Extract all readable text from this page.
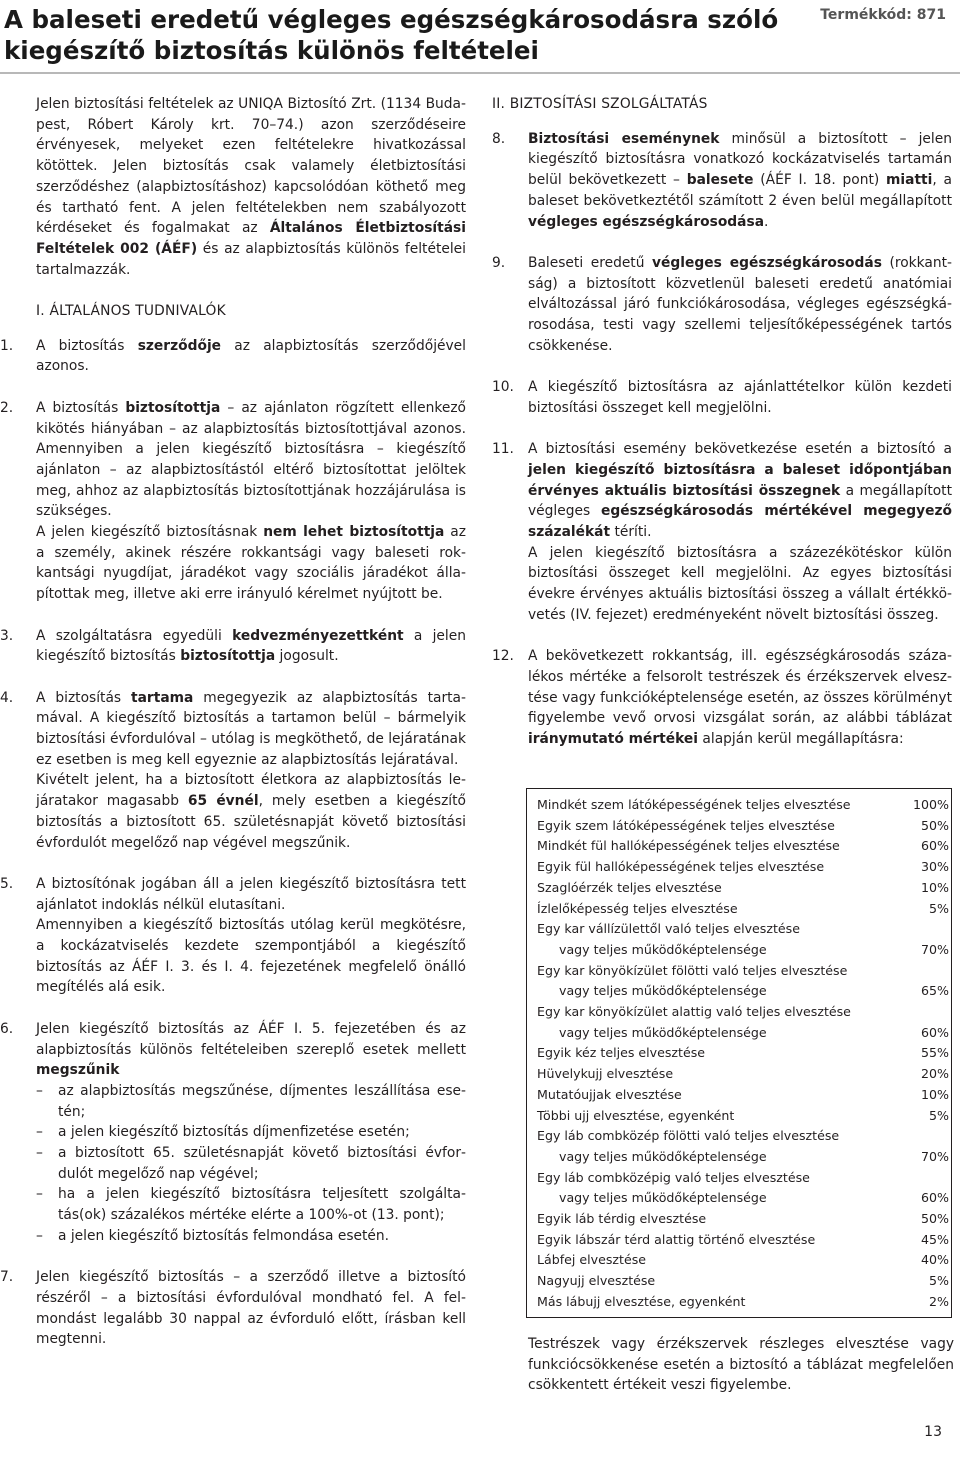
A baleseti eredetű végleges egészségkárosodásra szóló
kiegészítő biztosítás különös feltételei
Termékkód: 871

Jelen biztosítási feltételek az UNIQA Biztosító Zrt. (1134 Budapest, Róbert Károly krt. 70–74.) azon szerződéseire érvényesek, melyeket ezen feltételekre hivatkozással kötöttek. Jelen biztosítás csak valamely életbiztosítási szerződéshez (alapbiztosításhoz) kapcsolódóan köthető meg és tartható fent. A jelen feltételekben nem szabályozott kérdéseket és fogalmakat az Általános Életbiztosítási Feltételek 002 (ÁÉF) és az alapbiztosítás különös feltételei tartalmazzák.

I. ÁLTALÁNOS TUDNIVALÓK
1. A biztosítás szerződője az alapbiztosítás szerződőjével azonos.

2. A biztosítás biztosítottja – az ajánlaton rögzített ellenkező kikötés hiányában – az alapbiztosítás biztosítottjával azonos. Amennyiben a jelen kiegészítő biztosításra – kiegészítő ajánlaton – az alapbiztosítástól eltérő biztosítottat jelöltek meg, ahhoz az alapbiztosítás biztosítottjának hozzájárulása is szükséges.

A jelen kiegészítő biztosításnak nem lehet biztosítottja az a személy, akinek részére rokkantsági vagy baleseti rokkantsági nyugdíjat, járadékot vagy szociális járadékot állapítottak meg, illetve aki erre irányuló kérelmet nyújtott be.

3. A szolgáltatásra egyedüli kedvezményezettként a jelen kiegészítő biztosítás biztosítottja jogosult.

4. A biztosítás tartama megegyezik az alapbiztosítás tartamával. A kiegészítő biztosítás a tartamon belül – bármelyik biztosítási évfordulóval – utólag is megköthető, de lejáratának ez esetben is meg kell egyeznie az alapbiztosítás lejáratával.

Kivételt jelent, ha a biztosított életkora az alapbiztosítás lejáratakor magasabb 65 évnél, mely esetben a kiegészítő biztosítás a biztosított 65. születésnapját követő biztosítási évfordulót megelőző nap végével megszűnik.

5. A biztosítónak jogában áll a jelen kiegészítő biztosításra tett ajánlatot indoklás nélkül elutasítani.

Amennyiben a kiegészítő biztosítás utólag kerül megkötésre, a kockázatviselés kezdete szempontjából a kiegészítő biztosítás az ÁÉF I. 3. és I. 4. fejezetének megfelelő önálló megítélés alá esik.

6. Jelen kiegészítő biztosítás az ÁÉF I. 5. fejezetében és az alapbiztosítás különös feltételeiben szereplő esetek mellett megszűnik

– az alapbiztosítás megszűnése, díjmentes leszállítása esetén;

– a jelen kiegészítő biztosítás díjmenfizetése esetén;

– a biztosított 65. születésnapját követő biztosítási évfordulót megelőző nap végével;

– ha a jelen kiegészítő biztosításra teljesített szolgáltatás(ok) százalékos mértéke elérte a 100%-ot (13. pont);

– a jelen kiegészítő biztosítás felmondása esetén.

7. Jelen kiegészítő biztosítás – a szerződő illetve a biztosító részéről – a biztosítási évfordulóval mondható fel. A felmondást legalább 30 nappal az évforduló előtt, írásban kell megtenni.

II. BIZTOSÍTÁSI SZOLGÁLTATÁS
8. Biztosítási eseménynek minősül a biztosított – jelen kiegészítő biztosításra vonatkozó kockázatviselés tartamán belül bekövetkezett – balesete (ÁÉF I. 18. pont) miatti, a baleset bekövetkeztétől számított 2 éven belül megállapított végleges egészségkárosodása.

9. Baleseti eredetű végleges egészségkárosodás (rokkantság) a biztosított közvetlenül baleseti eredetű anatómiai elváltozással járó funkciókárosodása, végleges egészségkárosodása, testi vagy szellemi teljesítőképességének tartós csökkenése.

10. A kiegészítő biztosításra az ajánlattételkor külön kezdeti biztosítási összeget kell megjelölni.

11. A biztosítási esemény bekövetkezése esetén a biztosító a jelen kiegészítő biztosításra a baleset időpontjában érvényes aktuális biztosítási összegnek a megállapított végleges egészségkárosodás mértékével megegyező százalékát téríti.

A jelen kiegészítő biztosításra a százezékötéskor külön biztosítási összeget kell megjelölni. Az egyes biztosítási évekre érvényes aktuális biztosítási összeg a vállalt értékkövetés (IV. fejezet) eredményeként növelt biztosítási összeg.

12. A bekövetkezett rokkantság, ill. egészségkárosodás százalékos mértéke a felsorolt testrészek és érzékszervek elvesztése vagy funkcióképtelenségе esetén, az összes körülményt figyelembe vevő orvosi vizsgálat során, az alábbi táblázat iránymutató mértékei alapján kerül megállapításra:

Mindkét szem látóképességének teljes elvesztése	100%
Egyik szem látóképességének teljes elvesztése	50%
Mindkét fül hallóképességének teljes elvesztése	60%
Egyik fül hallóképességének teljes elvesztése	30%
Szaglóérzék teljes elvesztése	10%
Ízlelőképesség teljes elvesztése	5%
Egy kar vállízülettől való teljes elvesztése
vagy teljes működőképtelensége	70%
Egy kar könyökízület fölötti való teljes elvesztése
vagy teljes működőképtelensége	65%
Egy kar könyökízület alattig való teljes elvesztése
vagy teljes működőképtelensége	60%
Egyik kéz teljes elvesztése	55%
Hüvelykujj elvesztése	20%
Mutatóujjak elvesztése	10%
Többi ujj elvesztése, egyenként	5%
Egy láb combközép fölötti való teljes elvesztése
vagy teljes működőképtelensége	70%
Egy láb combközépig való teljes elvesztése
vagy teljes működőképtelensége	60%
Egyik láb térdig elvesztése	50%
Egyik lábszár térd alattig történő elvesztése	45%
Lábfej elvesztése	40%
Nagyujj elvesztése	5%
Más lábujj elvesztése, egyenként	2%

Testrészek vagy érzékszervek részleges elvesztése vagy funkciócsökkenése esetén a biztosító a táblázat megfelelően csökkentett értékeit veszi figyelembe.

13
